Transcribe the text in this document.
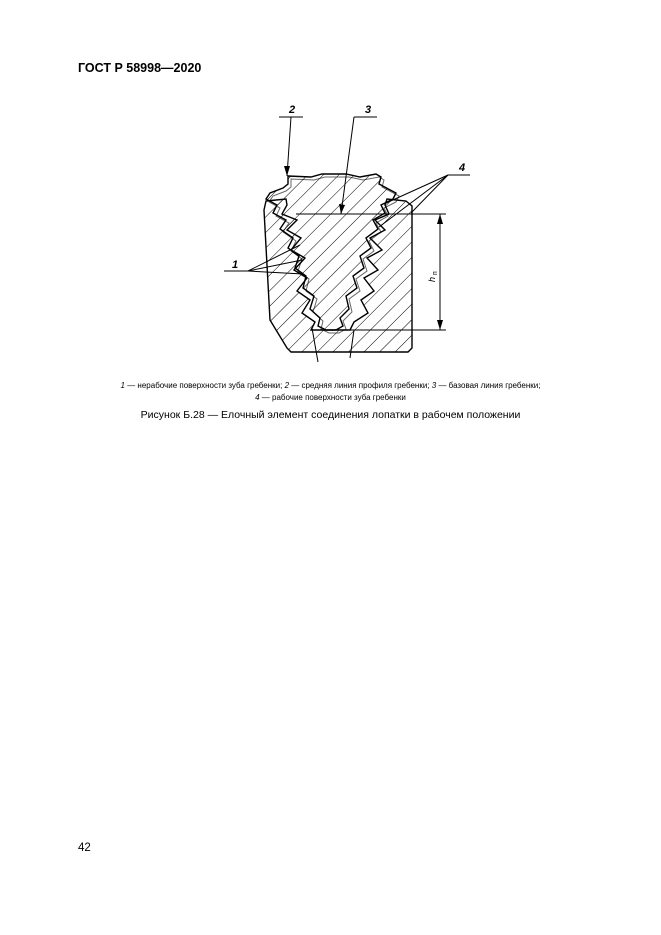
ГОСТ Р 58998—2020
h
п
2	3
4
1
1 — нерабочие поверхности зуба гребенки; 2 — средняя линия профиля гребенки; 3 — базовая линия гребенки;
4 — рабочие поверхности зуба гребенки
Рисунок Б.28 — Елочный элемент соединения лопатки в рабочем положении
42
